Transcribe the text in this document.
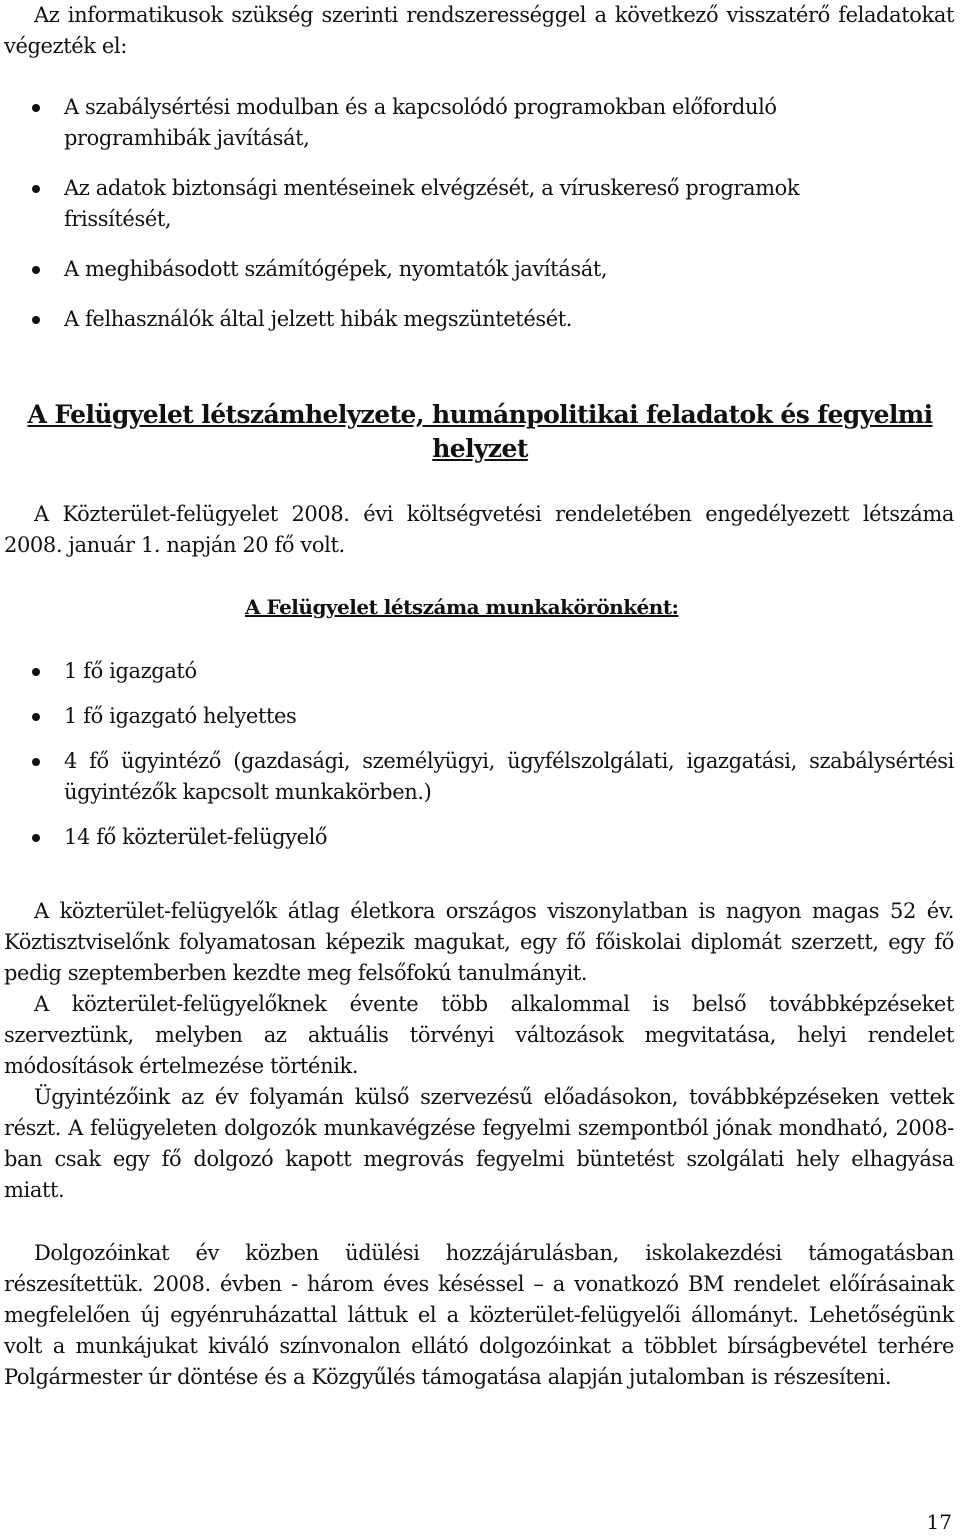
Az informatikusok szükség szerinti rendszerességgel a következő visszatérő feladatokat végezték el:

A szabálysértési modulban és a kapcsolódó programokban előforduló programhibák javítását,
Az adatok biztonsági mentéseinek elvégzését, a víruskereső programok frissítését,
A meghibásodott számítógépek, nyomtatók javítását,
A felhasználók által jelzett hibák megszüntetését.
A Felügyelet létszámhelyzete, humánpolitikai feladatok és fegyelmi helyzet

A Közterület-felügyelet 2008. évi költségvetési rendeletében engedélyezett létszáma 2008. január 1. napján 20 fő volt.

A Felügyelet létszáma munkakörönként:
1 fő igazgató
1 fő igazgató helyettes
4 fő ügyintéző (gazdasági, személyügyi, ügyfélszolgálati, igazgatási, szabálysértési ügyintézők kapcsolt munkakörben.)
14 fő közterület-felügyelő

A közterület-felügyelők átlag életkora országos viszonylatban is nagyon magas 52 év. Köztisztviselőnk folyamatosan képezik magukat, egy fő főiskolai diplomát szerzett, egy fő pedig szeptemberben kezdte meg felsőfokú tanulmányit.

A közterület-felügyelőknek évente több alkalommal is belső továbbképzéseket szerveztünk, melyben az aktuális törvényi változások megvitatása, helyi rendelet módosítások értelmezése történik.

Ügyintézőink az év folyamán külső szervezésű előadásokon, továbbképzéseken vettek részt. A felügyeleten dolgozók munkavégzése fegyelmi szempontból jónak mondható, 2008-ban csak egy fő dolgozó kapott megrovás fegyelmi büntetést szolgálati hely elhagyása miatt.

Dolgozóinkat év közben üdülési hozzájárulásban, iskolakezdési támogatásban részesítettük. 2008. évben - három éves késéssel – a vonatkozó BM rendelet előírásainak megfelelően új egyénruházattal láttuk el a közterület-felügyelői állományt. Lehetőségünk volt a munkájukat kiváló színvonalon ellátó dolgozóinkat a többlet bírságbevétel terhére Polgármester úr döntése és a Közgyűlés támogatása alapján jutalomban is részesíteni.

17
